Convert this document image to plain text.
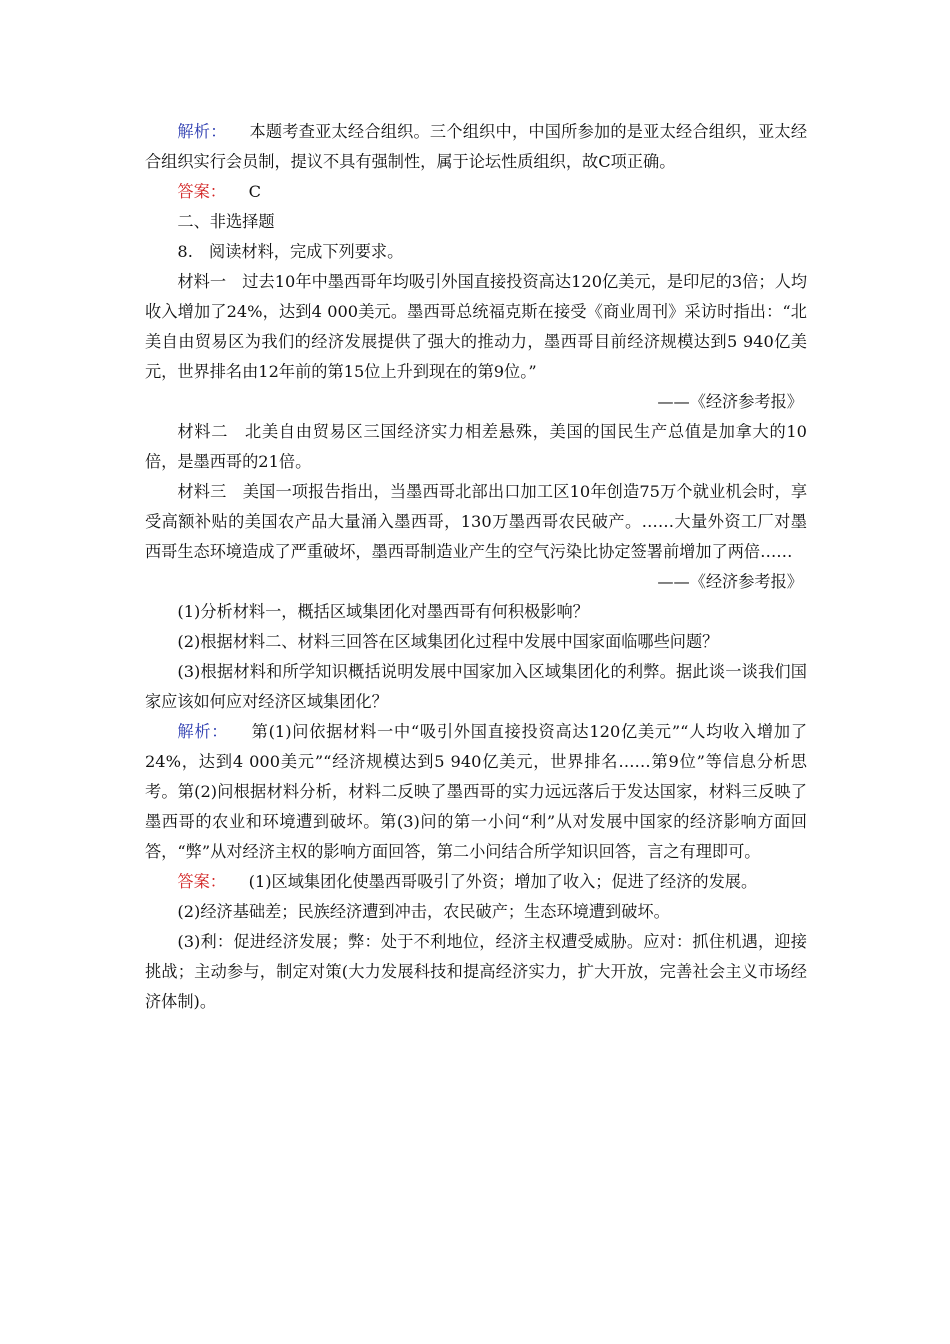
解析： 本题考查亚太经合组织。三个组织中，中国所参加的是亚太经合组织，亚太经合组织实行会员制，提议不具有强制性，属于论坛性质组织，故C项正确。

答案： C

二、非选择题

8.　阅读材料，完成下列要求。

材料一 过去10年中墨西哥年均吸引外国直接投资高达120亿美元，是印尼的3倍；人均收入增加了24%，达到4 000美元。墨西哥总统福克斯在接受《商业周刊》采访时指出：“北美自由贸易区为我们的经济发展提供了强大的推动力，墨西哥目前经济规模达到5 940亿美元，世界排名由12年前的第15位上升到现在的第9位。”

——《经济参考报》

材料二 北美自由贸易区三国经济实力相差悬殊，美国的国民生产总值是加拿大的10倍，是墨西哥的21倍。

材料三 美国一项报告指出，当墨西哥北部出口加工区10年创造75万个就业机会时，享受高额补贴的美国农产品大量涌入墨西哥，130万墨西哥农民破产。……大量外资工厂对墨西哥生态环境造成了严重破坏，墨西哥制造业产生的空气污染比协定签署前增加了两倍……

——《经济参考报》

(1)分析材料一，概括区域集团化对墨西哥有何积极影响？

(2)根据材料二、材料三回答在区域集团化过程中发展中国家面临哪些问题？

(3)根据材料和所学知识概括说明发展中国家加入区域集团化的利弊。据此谈一谈我们国家应该如何应对经济区域集团化？

解析： 第(1)问依据材料一中“吸引外国直接投资高达120亿美元”“人均收入增加了24%，达到4 000美元”“经济规模达到5 940亿美元，世界排名……第9位”等信息分析思考。第(2)问根据材料分析，材料二反映了墨西哥的实力远远落后于发达国家，材料三反映了墨西哥的农业和环境遭到破坏。第(3)问的第一小问“利”从对发展中国家的经济影响方面回答，“弊”从对经济主权的影响方面回答，第二小问结合所学知识回答，言之有理即可。

答案： (1)区域集团化使墨西哥吸引了外资；增加了收入；促进了经济的发展。

(2)经济基础差；民族经济遭到冲击，农民破产；生态环境遭到破坏。

(3)利：促进经济发展；弊：处于不利地位，经济主权遭受威胁。应对：抓住机遇，迎接挑战；主动参与，制定对策(大力发展科技和提高经济实力，扩大开放，完善社会主义市场经济体制)。
